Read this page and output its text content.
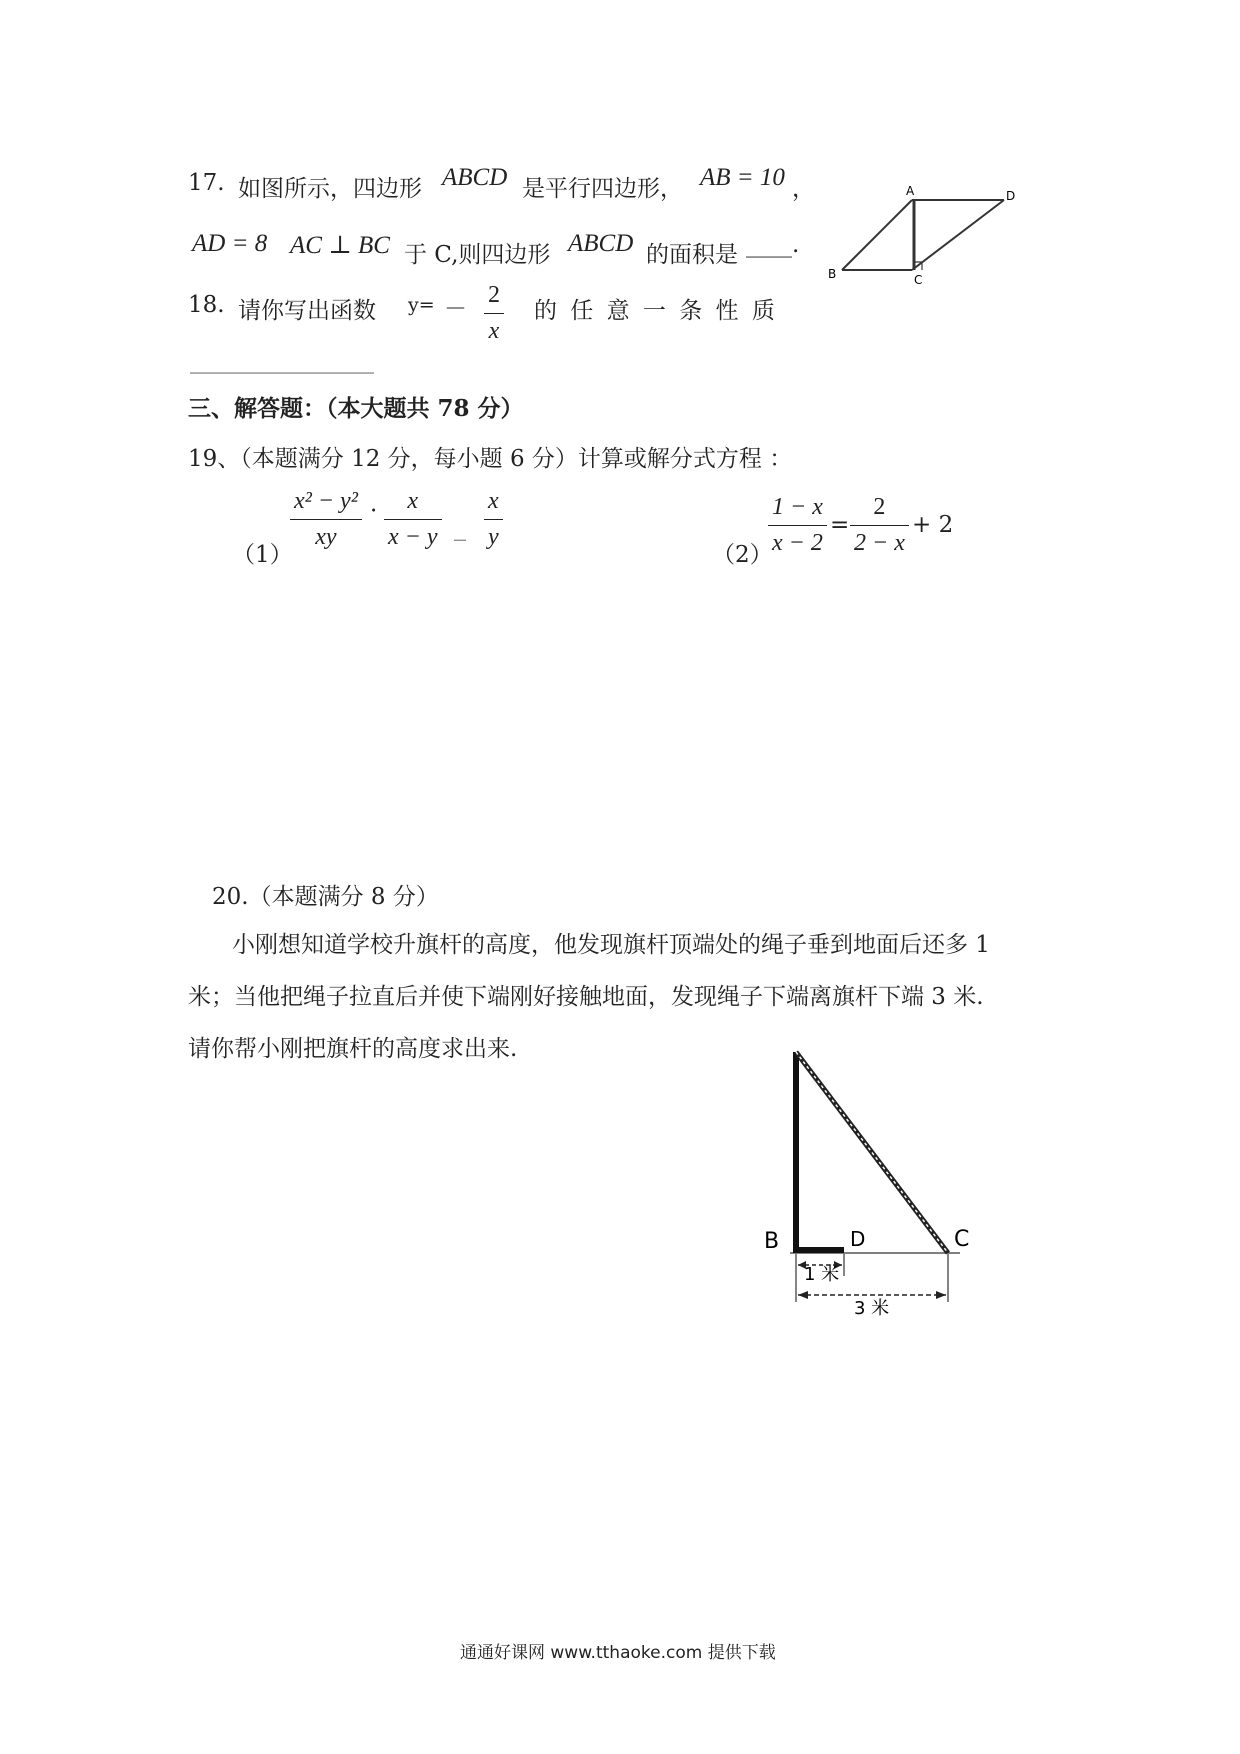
17. 如图所示，四边形 ABCD 是平行四边形， AB = 10 ，
AD = 8 AC ⊥ BC 于 C,则四边形 ABCD 的面积是 ____.
A	D
B	C
18. 请你写出函数 $y= - \frac{2}{x}$ 的 任 意 一 条 性 质
________________
三、解答题：（本大题共 78 分）
19、（本题满分 12 分，每小题 6 分）计算或解分式方程 ：
（1）
$\frac{\text{x² − y²}}{xy} \cdot \frac{x}{x - y} - \frac{x}{y}$
（2）
$\frac{1 - x}{x - 2} = \frac{2}{2 - x} + 2$
20.（本题满分 8 分）
小刚想知道学校升旗杆的高度，他发现旗杆顶端处的绳子垂到地面后还多 1
米；当他把绳子拉直后并使下端刚好接触地面，发现绳子下端离旗杆下端 3 米.
请你帮小刚把旗杆的高度求出来.
B	D	C
1 米
3 米
通通好课网 www.tthaoke.com 提供下载
